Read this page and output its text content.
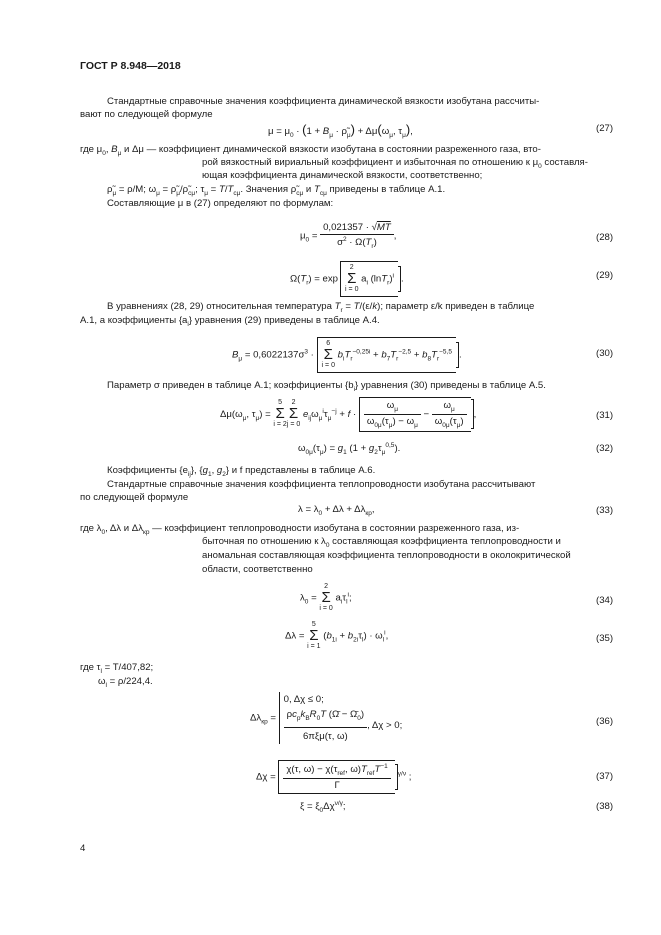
ГОСТ Р 8.948—2018
Стандартные справочные значения коэффициента динамической вязкости изобутана рассчиты-
вают по следующей формуле
$\mu = \mu_0 \cdot (1 + B_\mu$ · $\rhõ_\mu) + \Delta\mu(\omega_\mu$, $\tau_\mu$),	(27)
где $\mu_0$, $B_\mu$ и Δμ — коэффициент динамической вязкости изобутана в состоянии разреженного газа, вто-
рой вязкостный вириальный коэффициент и избыточная по отношению к $\mu_0$ составля-
ющая коэффициента динамической вязкости, соответственно;
$\rhõ_\mu = \rho/M$; $\omega_\mu$ = $\rhõ_\mu/\rhõ_{c\mu}$; $\tau_\mu = T/T_{c\mu}$. Значения $\rhõ_{c\mu}$ и $T_{c\mu}$ приведены в таблице А.1.
Составляющие μ в (27) определяют по формулам:
$\mu_0 = \frac{0,021357 \cdot √MT}{\sigma^2 \cdot \Omega(T_r)}$ ,	(28)
$\Omega(T_r) = \exp 2$
Σ
i = 0 $a_i$ $(\ln T_r)^i$ .	(29)
В уравнениях (28, 29) относительная температура $T_r = T/(\varepsilon/k)$; параметр ε/k приведен в таблице
А.1, а коэффициенты $\{a_i\}$ уравнения (29) приведены в таблице А.4.
$B_\mu = 0,6022137\sigma^3 \cdot 6$
Σ
i = 0 $b_iT_r^{-0,25i} + b_7T_r^{-2,5} + b_8T_r^{-5,5}$ .	(30)
Параметр σ приведен в таблице А.1; коэффициенты $\{b_i\}$ уравнения (30) приведены в таблице А.5.
$\Delta\mu(\omega_\mu$, $\tau_\mu) = 5$
Σ
i = 22
Σ
j = 0 $e_{ij}\omega_\mu^i\tau_\mu^{-j} + f \cdot \frac{\omega_\mu}{\omega_{0\mu}(\tau_\mu) - \omega_\mu} - \frac{\omega_\mu}{\omega_{0\mu}(\tau_\mu)}$ ,	(31)
$\omega_{0\mu}(\tau_\mu) = g_1$ $(1 + g_2\tau_\mu^{0,5})$.	(32)
Коэффициенты $\{e_{ij}\}$, {$g_1$, $g_2$} и f представлены в таблице А.6.
Стандартные справочные значения коэффициента теплопроводности изобутана рассчитывают
по следующей формуле
$\lambda = \lambda_0 + \Delta\lambda + \Delta\lambda_{кр}$,	(33)
где $\lambda_0$, Δλ и $\Delta\lambda_{кр}$ — коэффициент теплопроводности изобутана в состоянии разреженного газа, из-
быточная по отношению к $\lambda_0$ составляющая коэффициента теплопроводности и
аномальная составляющая коэффициента теплопроводности в околокритической
области, соответственно
$\lambda_0 = 2$
Σ
i = 0 $a_i\tau_l^i$;	(34)
Δλ = 5
Σ
i = 1 $(b_{1i} + b_{2i}\tau_l) \cdot \omega_l^i$,	(35)
где $\tau_l = T/407,82$;
$\omega_l = \rho/224,4$.
$\Delta\lambda_{кр} = 0$, Δχ ≤ 0;

$\frac{\rho c_pk_BR_0T (\Omegā - \Omegā_0)}{\text{6πξμ(τ, ω)}}$ , Δχ > 0;	(36)
$\Delta\chi = \frac{\chi(\tau, \omega) - \chi(\tau_{ref}, \omega)T_{ref}T^{-1}}{\Gamma} ^{\gamma/\nu}$ ;	(37)
$\xi = \xi_0\Delta\chi^{\nu/\gamma}$;	(38)
4
